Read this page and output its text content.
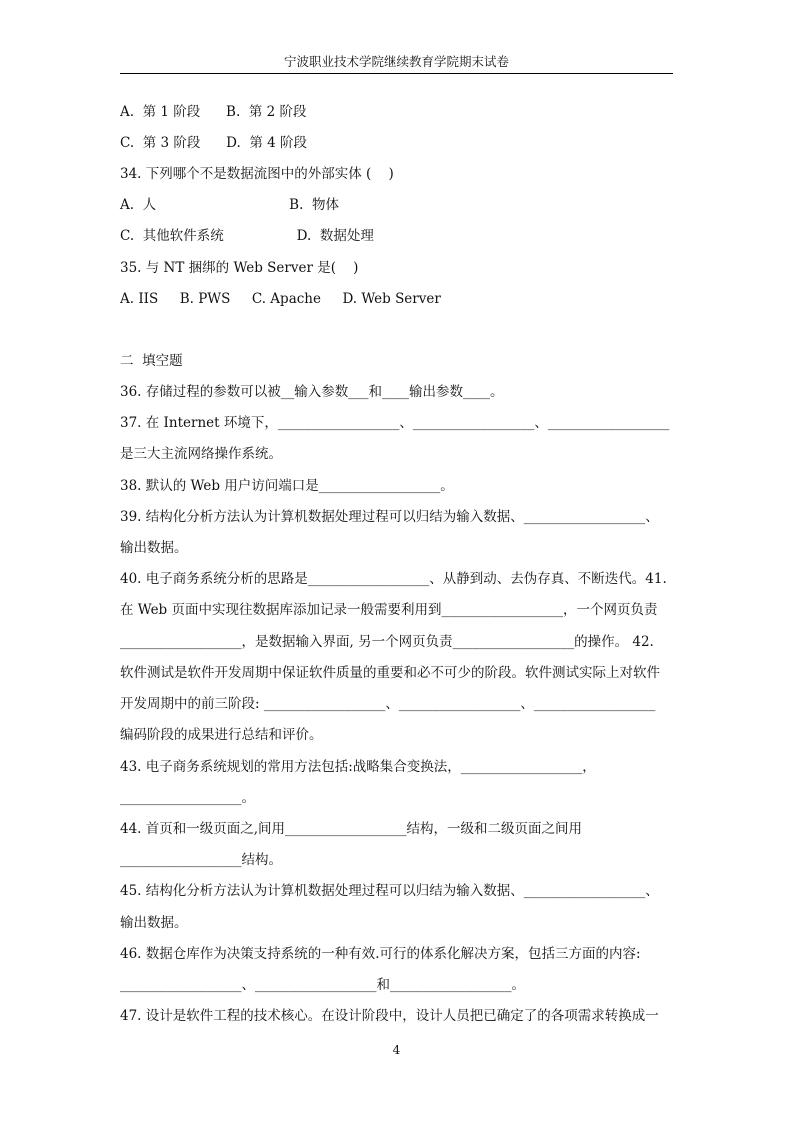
宁波职业技术学院继续教育学院期末试卷
A.  第 1 阶段      B.  第 2 阶段
C.  第 3 阶段      D.  第 4 阶段
34. 下列哪个不是数据流图中的外部实体 (    )
A.  人                               B.  物体
C.  其他软件系统                 D.  数据处理
35. 与 NT 捆绑的 Web Server 是(    )
A. IIS     B. PWS     C. Apache     D. Web Server
二  填空题
36. 存储过程的参数可以被__输入参数___和____输出参数____。
37. 在 Internet 环境下，__________________、__________________、__________________
是三大主流网络操作系统。
38. 默认的 Web 用户访问端口是__________________。
39. 结构化分析方法认为计算机数据处理过程可以归结为输入数据、__________________、
输出数据。
40. 电子商务系统分析的思路是__________________、从静到动、去伪存真、不断迭代。41.
在 Web 页面中实现往数据库添加记录一般需要利用到__________________，一个网页负责
__________________，是数据输入界面, 另一个网页负责__________________的操作。 42.
软件测试是软件开发周期中保证软件质量的重要和必不可少的阶段。软件测试实际上对软件
开发周期中的前三阶段: __________________、__________________、__________________
编码阶段的成果进行总结和评价。
43. 电子商务系统规划的常用方法包括:战略集合变换法，__________________，
__________________。
44. 首页和一级页面之,间用__________________结构，一级和二级页面之间用
__________________结构。
45. 结构化分析方法认为计算机数据处理过程可以归结为输入数据、__________________、
输出数据。
46. 数据仓库作为决策支持系统的一种有效.可行的体系化解决方案，包括三方面的内容:
__________________、__________________和__________________。
47. 设计是软件工程的技术核心。在设计阶段中，设计人员把已确定了的各项需求转换成一
4
